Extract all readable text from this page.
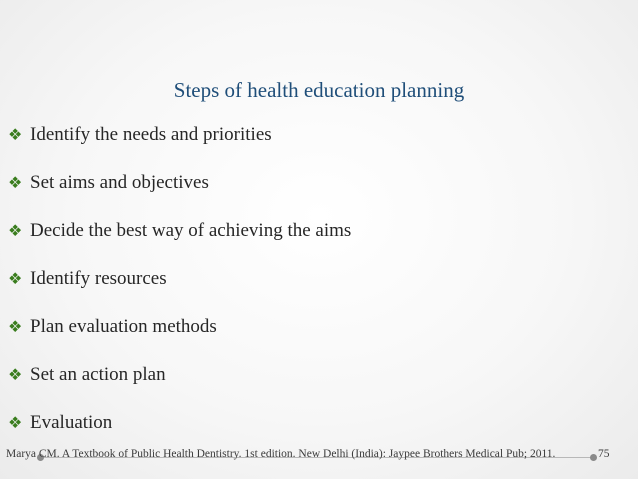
Steps of health education planning
❖ Identify the needs and priorities
❖ Set aims and objectives
❖ Decide the best way of achieving the aims
❖ Identify resources
❖ Plan evaluation methods
❖ Set an action plan
❖ Evaluation
Marya CM. A Textbook of Public Health Dentistry. 1st edition. New Delhi (India): Jaypee Brothers Medical Pub; 2011.	75
